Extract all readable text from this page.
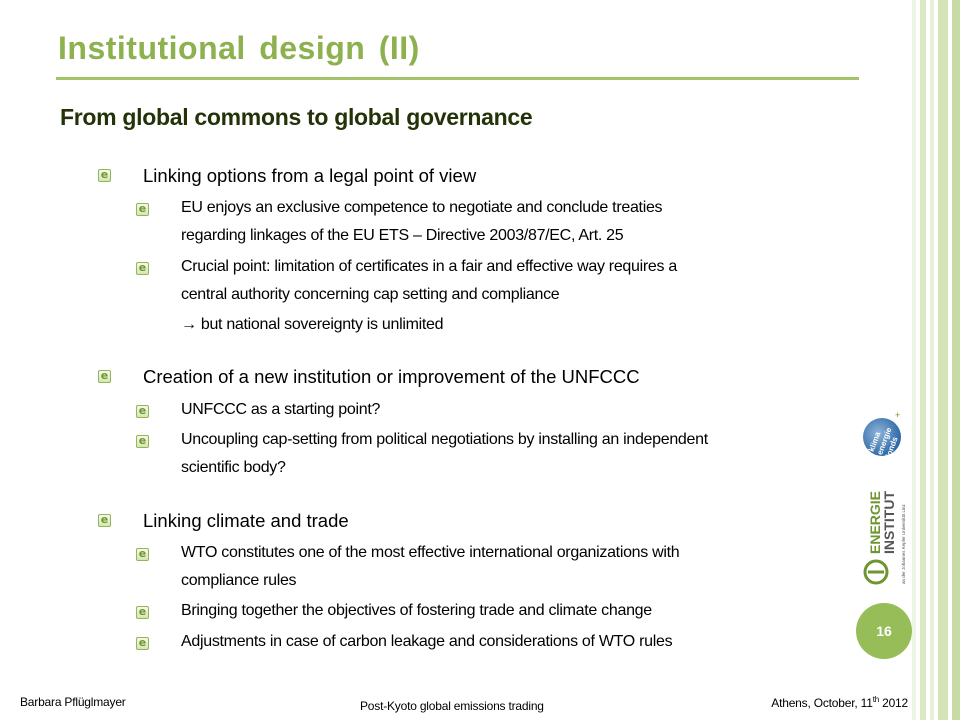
Institutional design (II)
From global commons to global governance
e
Linking options from a legal point of view
e
EU enjoys an exclusive competence to negotiate and conclude treaties
regarding linkages of the EU ETS – Directive 2003/87/EC, Art. 25
e
Crucial point: limitation of certificates in a fair and effective way requires a
central authority concerning cap setting and compliance
→ but national sovereignty is unlimited
e
Creation of a new institution or improvement of the UNFCCC
e
UNFCCC as a starting point?
e
Uncoupling cap-setting from political negotiations by installing an independent
scientific body?
e
Linking climate and trade
e
WTO constitutes one of the most effective international organizations with
compliance rules
e
Bringing together the objectives of fostering trade and climate change
e
Adjustments in case of carbon leakage and considerations of WTO rules
klima energie fonds
+
ENERGIE
INSTITUT an der Johannes Kepler Universität Linz
16
Barbara Pflüglmayer	Post-Kyoto global emissions trading	Athens, October, 11th 2012
